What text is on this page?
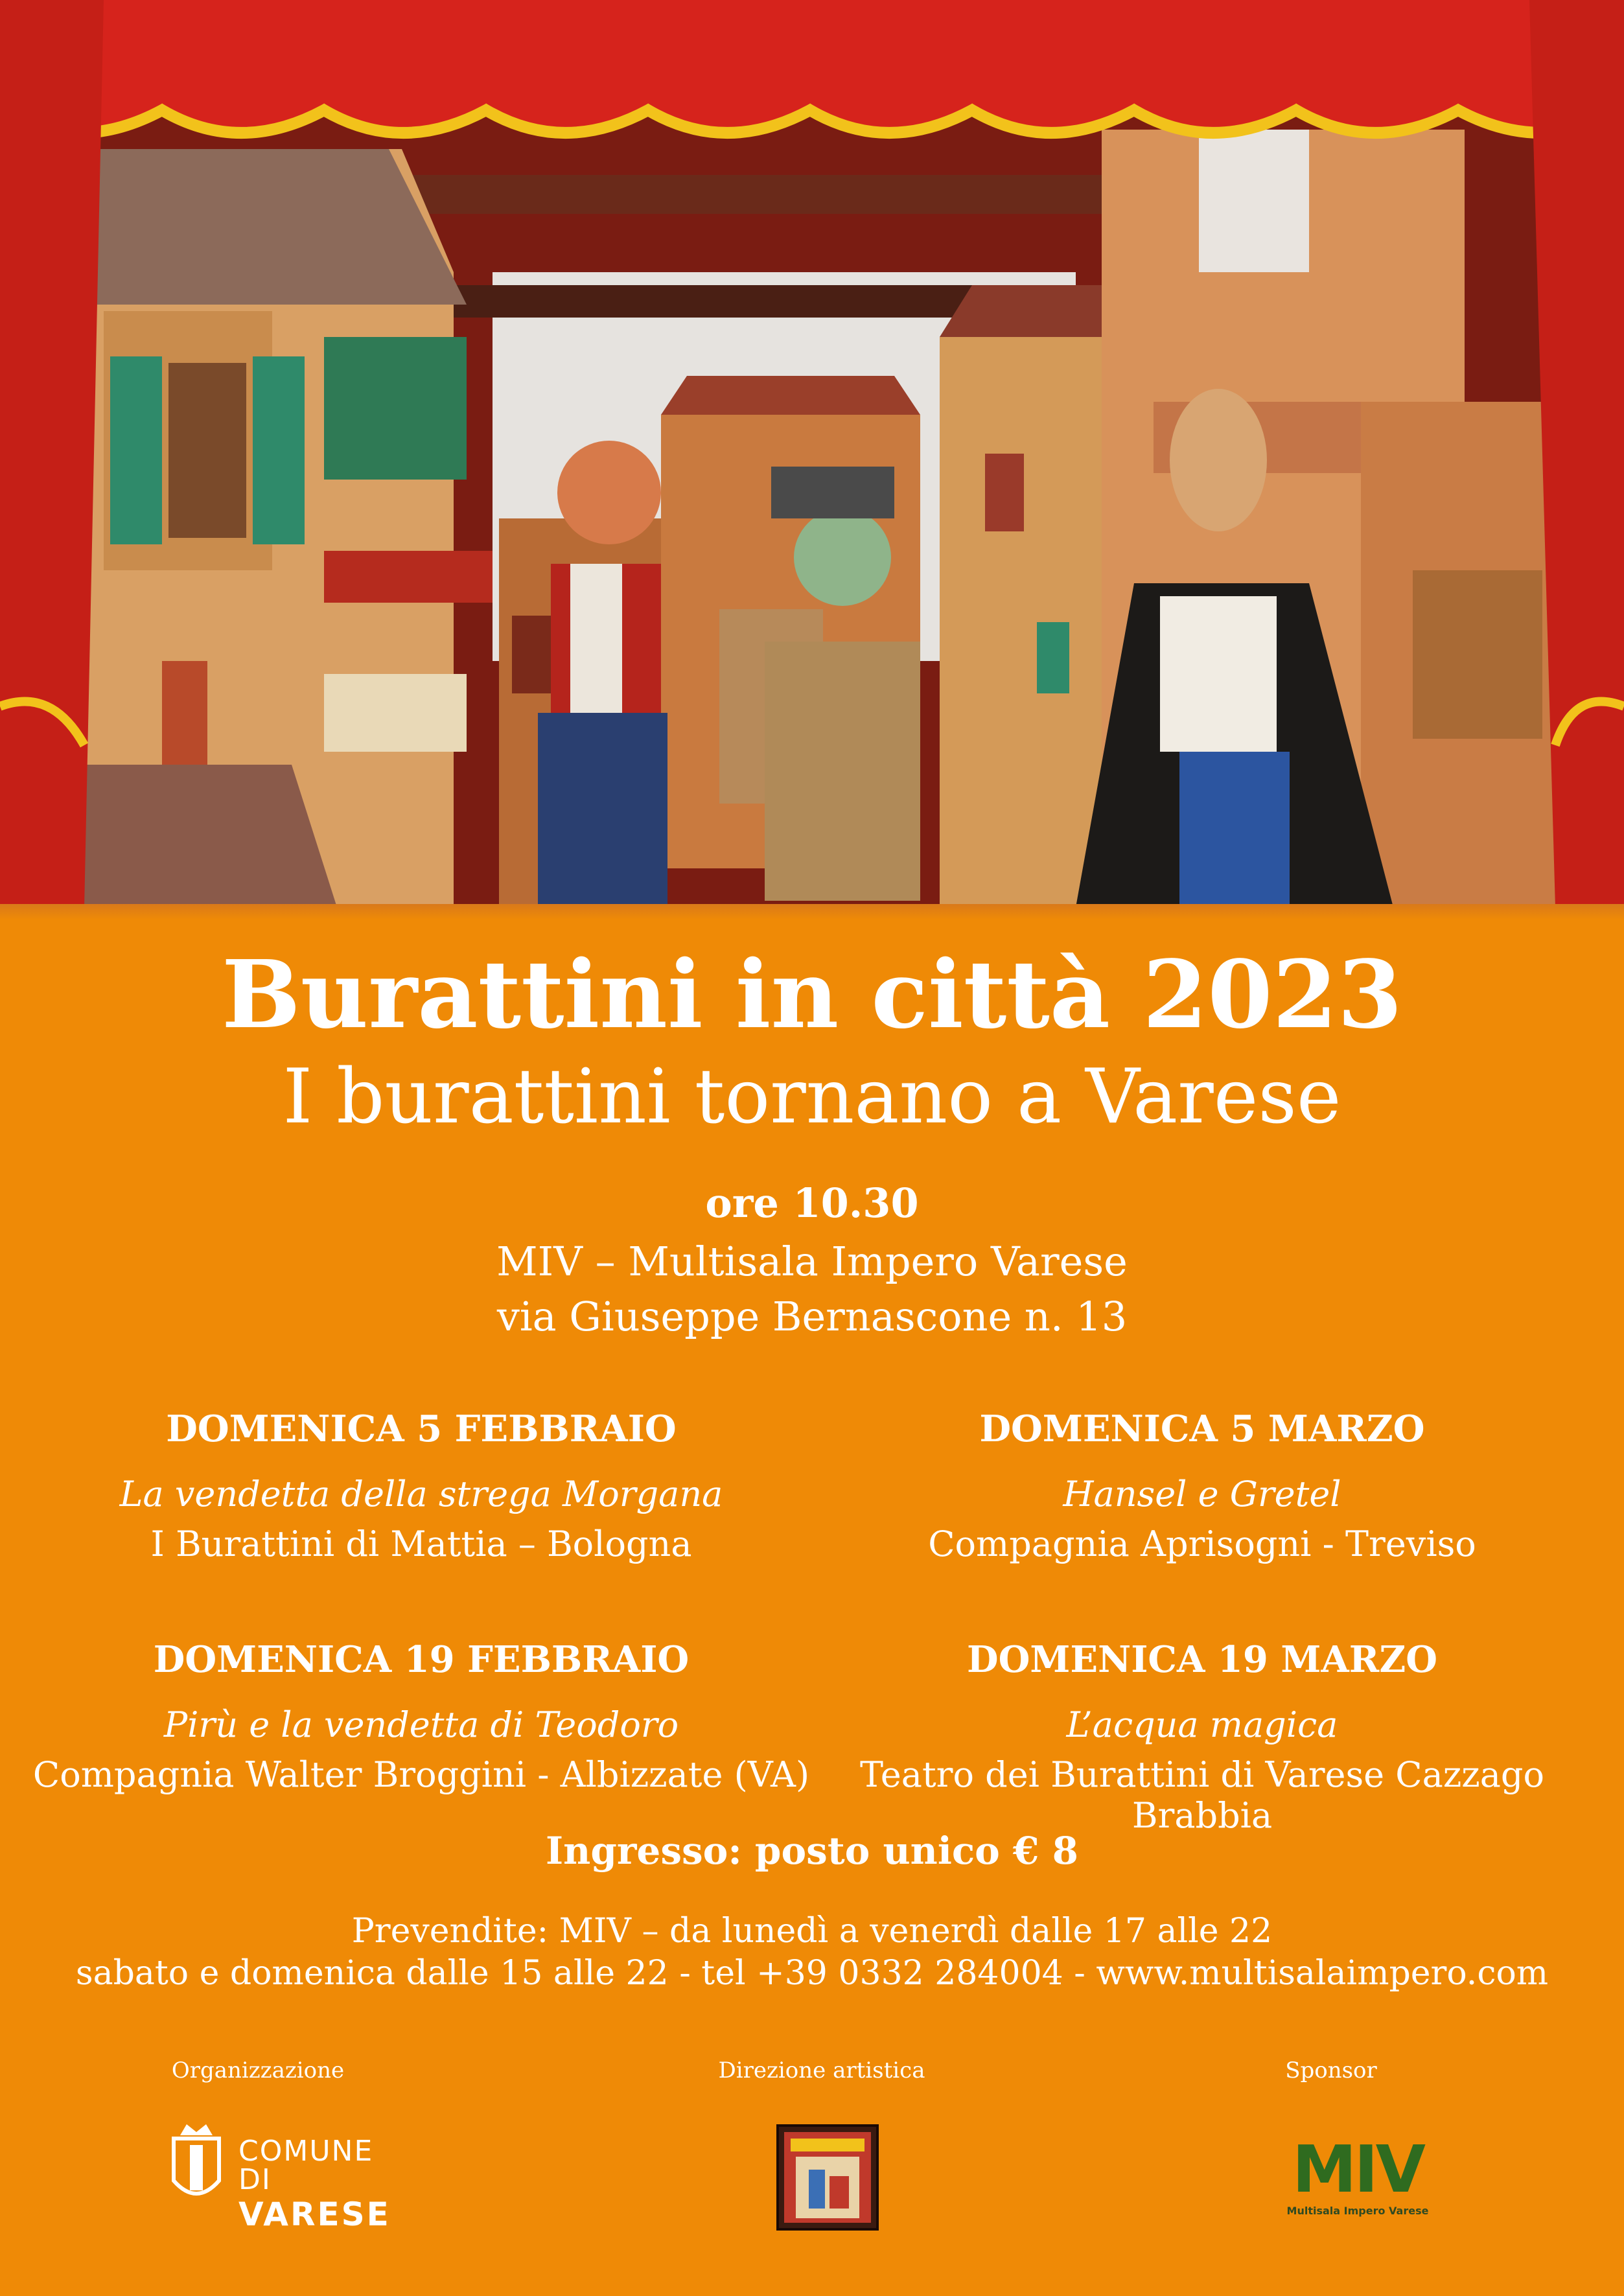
Burattini in città 2023
I burattini tornano a Varese
ore 10.30
MIV – Multisala Impero Varese
via Giuseppe Bernascone n. 13
DOMENICA 5 FEBBRAIO
La vendetta della strega Morgana
I Burattini di Mattia – Bologna
DOMENICA 5 MARZO
Hansel e Gretel
Compagnia Aprisogni - Treviso
DOMENICA 19 FEBBRAIO
Pirù e la vendetta di Teodoro
Compagnia Walter Broggini - Albizzate (VA)
DOMENICA 19 MARZO
L’acqua magica
Teatro dei Burattini di Varese Cazzago Brabbia
Ingresso: posto unico € 8
Prevendite: MIV – da lunedì a venerdì dalle 17 alle 22
sabato e domenica dalle 15 alle 22 - tel +39 0332 284004 - www.multisalaimpero.com
Organizzazione	Direzione artistica	Sponsor
COMUNE DI
VARESE
MIV
Multisala Impero Varese
